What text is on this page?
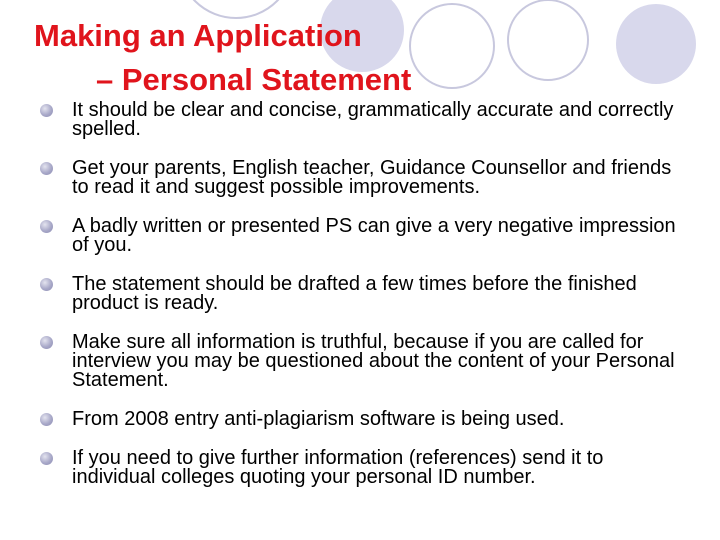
Making an Application
– Personal Statement
It should be clear and concise, grammatically accurate and correctly spelled.
Get your parents, English teacher, Guidance Counsellor and friends to read it and suggest possible improvements.
A badly written or presented PS can give a very negative impression of you.
The statement should be drafted a few times before the finished product is ready.
Make sure all information is truthful, because if you are called for interview you may be questioned about the content of your Personal Statement.
From 2008 entry anti-plagiarism software is being used.
If you need to give further information (references) send it to individual colleges quoting your personal ID number.
